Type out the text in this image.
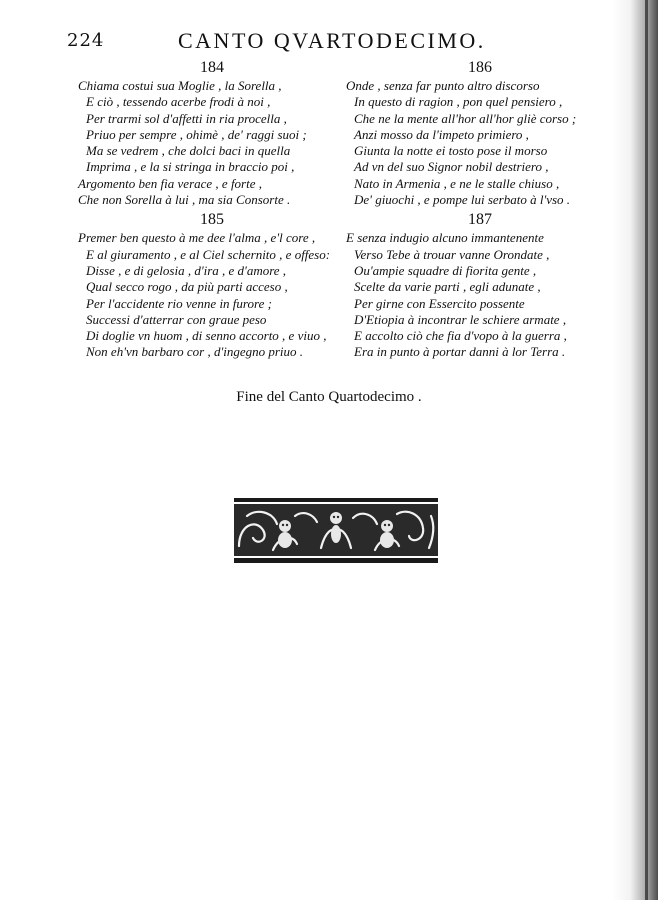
224	CANTO QVARTODECIMO.
184
Chiama costui sua Moglie , la Sorella ,
E ciò , tessendo acerbe frodi à noi ,
Per trarmi sol d'affetti in ria procella ,
Priuo per sempre , ohimè , de' raggi suoi ;
Ma se vedrem , che dolci baci in quella
Imprima , e la si stringa in braccio poi ,
Argomento ben fia verace , e forte ,
Che non Sorella à lui , ma sia Consorte .
185
Premer ben questo à me dee l'alma , e'l core ,
E al giuramento , e al Ciel schernito , e offeso:
Disse , e di gelosia , d'ira , e d'amore ,
Qual secco rogo , da più parti acceso ,
Per l'accidente rio venne in furore ;
Successi d'atterrar con graue peso
Di doglie vn huom , di senno accorto , e viuo ,
Non eh'vn barbaro cor , d'ingegno priuo .
186
Onde , senza far punto altro discorso
In questo di ragion , pon quel pensiero ,
Che ne la mente all'hor all'hor gliè corso ;
Anzi mosso da l'impeto primiero ,
Giunta la notte ei tosto pose il morso
Ad vn del suo Signor nobil destriero ,
Nato in Armenia , e ne le stalle chiuso ,
De' giuochi , e pompe lui serbato à l'vso .
187
E senza indugio alcuno immantenente
Verso Tebe à trouar vanne Orondate ,
Ou'ampie squadre di fiorita gente ,
Scelte da varie parti , egli adunate ,
Per girne con Essercito possente
D'Etiopia à incontrar le schiere armate ,
E accolto ciò che fia d'vopo à la guerra ,
Era in punto à portar danni à lor Terra .
Fine del Canto Quartodecimo .
